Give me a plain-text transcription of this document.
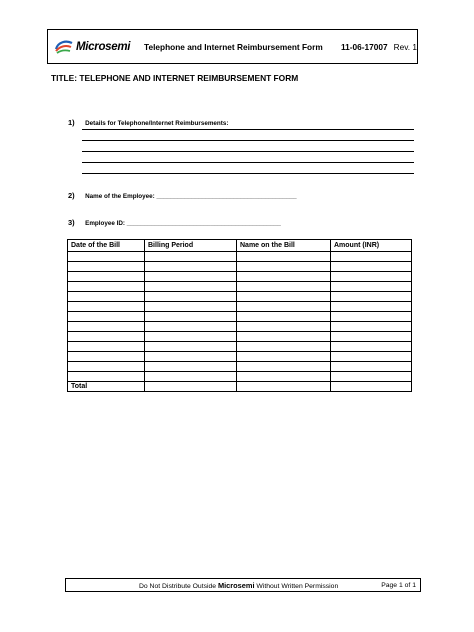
Microsemi	Telephone and Internet Reimbursement Form	11-06-17007 Rev. 1
TITLE: TELEPHONE AND INTERNET REIMBURSEMENT FORM
1) Details for Telephone/Internet Reimbursements:
2) Name of the Employee: ________________________________________
3) Employee ID: ____________________________________________
Date of the Bill	Billing Period	Name on the Bill	Amount (INR)

Total			
Do Not Distribute Outside Microsemi Without Written Permission	Page 1 of 1
